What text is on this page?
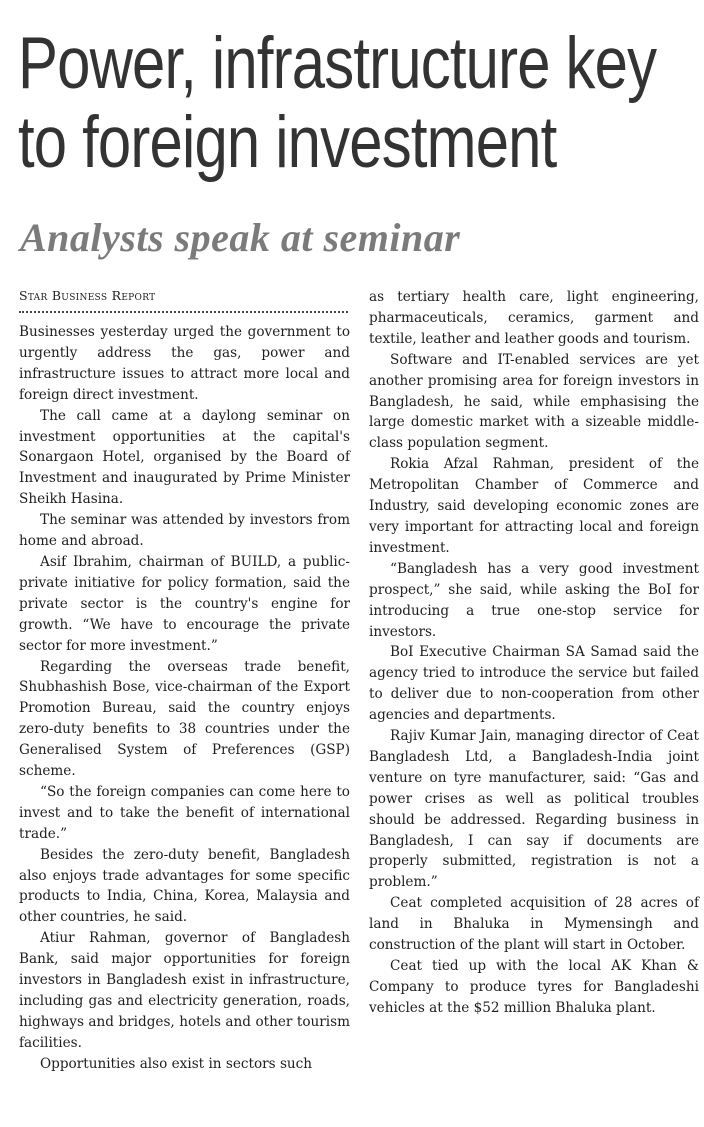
Power, infrastructure key
to foreign investment
Analysts speak at seminar
Star Business Report

Businesses yesterday urged the government to urgently address the gas, power and infrastructure issues to attract more local and foreign direct investment.

The call came at a daylong seminar on investment opportunities at the capital's Sonargaon Hotel, organised by the Board of Investment and inaugurated by Prime Minister Sheikh Hasina.

The seminar was attended by investors from home and abroad.

Asif Ibrahim, chairman of BUILD, a public-private initiative for policy formation, said the private sector is the country's engine for growth. “We have to encourage the private sector for more investment.”

Regarding the overseas trade benefit, Shubhashish Bose, vice-chairman of the Export Promotion Bureau, said the country enjoys zero-duty benefits to 38 countries under the Generalised System of Preferences (GSP) scheme.

“So the foreign companies can come here to invest and to take the benefit of international trade.”

Besides the zero-duty benefit, Bangladesh also enjoys trade advantages for some specific products to India, China, Korea, Malaysia and other countries, he said.

Atiur Rahman, governor of Bangladesh Bank, said major opportunities for foreign investors in Bangladesh exist in infrastructure, including gas and electricity generation, roads, highways and bridges, hotels and other tourism facilities.

Opportunities also exist in sectors such

as tertiary health care, light engineering, pharmaceuticals, ceramics, garment and textile, leather and leather goods and tourism.

Software and IT-enabled services are yet another promising area for foreign investors in Bangladesh, he said, while emphasising the large domestic market with a sizeable middle-class population segment.

Rokia Afzal Rahman, president of the Metropolitan Chamber of Commerce and Industry, said developing economic zones are very important for attracting local and foreign investment.

“Bangladesh has a very good investment prospect,” she said, while asking the BoI for introducing a true one-stop service for investors.

BoI Executive Chairman SA Samad said the agency tried to introduce the service but failed to deliver due to non-cooperation from other agencies and departments.

Rajiv Kumar Jain, managing director of Ceat Bangladesh Ltd, a Bangladesh-India joint venture on tyre manufacturer, said: “Gas and power crises as well as political troubles should be addressed. Regarding business in Bangladesh, I can say if documents are properly submitted, registration is not a problem.”

Ceat completed acquisition of 28 acres of land in Bhaluka in Mymensingh and construction of the plant will start in October.

Ceat tied up with the local AK Khan & Company to produce tyres for Bangladeshi vehicles at the $52 million Bhaluka plant.
